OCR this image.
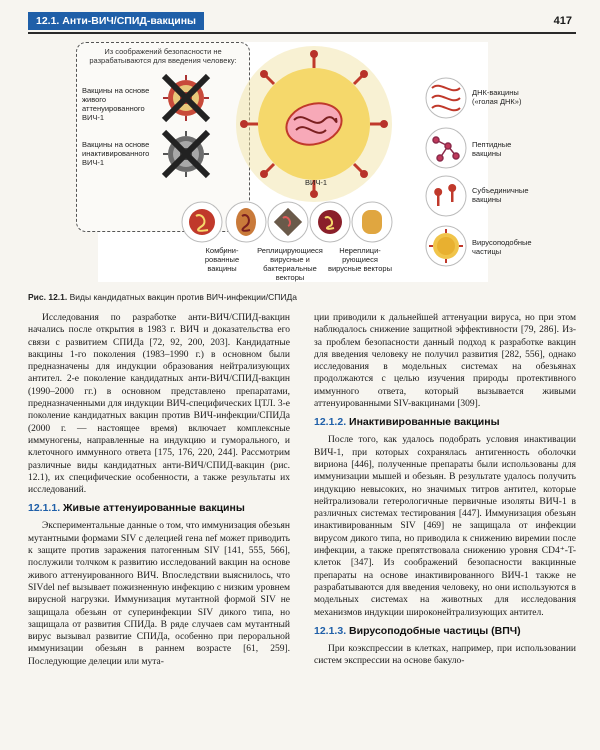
12.1. Анти-ВИЧ/СПИД-вакцины	417
Из соображений безопасности не разрабатываются для введения человеку:
Вакцины на основе живого аттенуированного ВИЧ-1
Вакцины на основе инактивированного ВИЧ-1
ВИЧ-1
ДНК-вакцины («голая ДНК»)
Пептидные вакцины
Субъединичные вакцины
Вирусоподобные частицы
Комбини-рованные вакцины
Реплицирующиеся вирусные и бактериальные векторы
Нереплици-рующиеся вирусные векторы
Рис. 12.1. Виды кандидатных вакцин против ВИЧ-инфекции/СПИДа

Исследования по разработке анти-ВИЧ/СПИД-вакцин начались после открытия в 1983 г. ВИЧ и доказательства его связи с развитием СПИДа [72, 92, 200, 203]. Кандидатные вакцины 1-го поколения (1983–1990 г.) в основном были предназначены для индукции образования нейтрализующих антител. 2-е поколение кандидатных анти-ВИЧ/СПИД-вакцин (1990–2000 гг.) в основном представлено препаратами, предназначенными для индукции ВИЧ-специфических ЦТЛ. 3-е поколение кандидатных вакцин против ВИЧ-инфекции/СПИДа (2000 г. — настоящее время) включает комплексные иммуногены, направленные на индукцию и гуморального, и клеточного иммунного ответа [175, 176, 220, 244]. Рассмотрим различные виды кандидатных анти-ВИЧ/СПИД-вакцин (рис. 12.1), их специфические особенности, а также результаты их исследований.

12.1.1. Живые аттенуированные вакцины

Экспериментальные данные о том, что иммунизация обезьян мутантными формами SIV с делецией гена nef может приводить к защите против заражения патогенным SIV [141, 555, 566], послужили толчком к развитию исследований вакцин на основе живого аттенуированного ВИЧ. Впоследствии выяснилось, что SIVdel nef вызывает пожизненную инфекцию с низким уровнем вирусной нагрузки. Иммунизация мутантной формой SIV не защищала обезьян от суперинфекции SIV дикого типа, но защищала от развития СПИДа. В ряде случаев сам мутантный вирус вызывал развитие СПИДа, особенно при пероральной иммунизации обезьян в раннем возрасте [61, 259]. Последующие делеции или мута-

ции приводили к дальнейшей аттенуации вируса, но при этом наблюдалось снижение защитной эффективности [79, 286]. Из-за проблем безопасности данный подход к разработке вакцин для введения человеку не получил развития [282, 556], однако исследования в модельных системах на обезьянах продолжаются с целью изучения природы протективного иммунного ответа, который вызывается живыми аттенуированными SIV-вакцинами [309].

12.1.2. Инактивированные вакцины

После того, как удалось подобрать условия инактивации ВИЧ-1, при которых сохранялась антигенность оболочки вириона [446], полученные препараты были использованы для иммунизации мышей и обезьян. В результате удалось получить индукцию невысоких, но значимых титров антител, которые нейтрализовали гетерологичные первичные изоляты ВИЧ-1 в различных системах тестирования [447]. Иммунизация обезьян инактивированным SIV [469] не защищала от инфекции вирусом дикого типа, но приводила к снижению виремии после инфекции, а также препятствовала снижению уровня CD4⁺-T-клеток [347]. Из соображений безопасности вакцинные препараты на основе инактивированного ВИЧ-1 также не разрабатываются для введения человеку, но они используются в модельных системах на животных для исследования механизмов индукции широконейтрализующих антител.

12.1.3. Вирусоподобные частицы (ВПЧ)

При коэкспрессии в клетках, например, при использовании систем экспрессии на основе бакуло-
